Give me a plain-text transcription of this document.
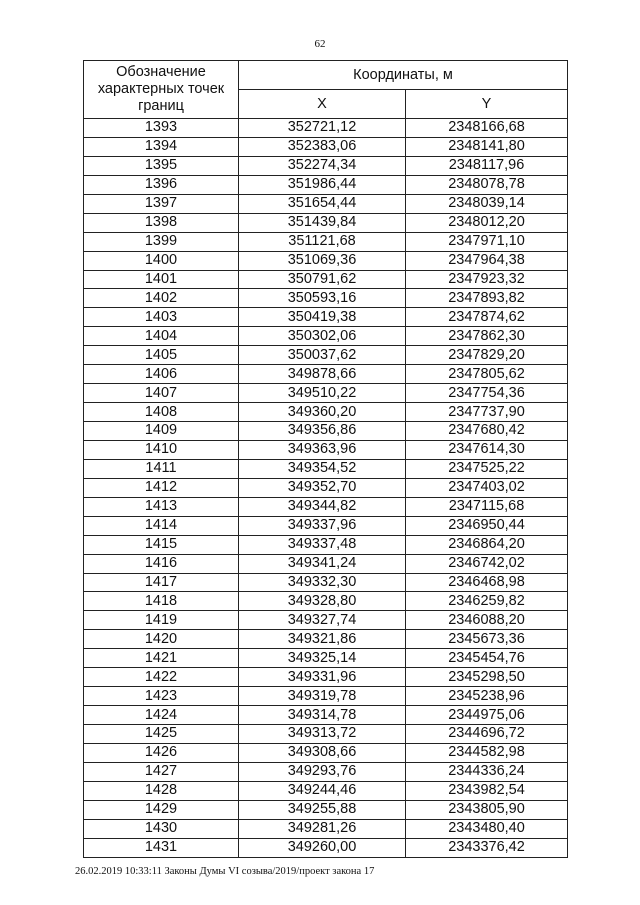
62
Обозначение характерных точек границ	Координаты, м	
	X	Y
1393	352721,12	2348166,68
1394	352383,06	2348141,80
1395	352274,34	2348117,96
1396	351986,44	2348078,78
1397	351654,44	2348039,14
1398	351439,84	2348012,20
1399	351121,68	2347971,10
1400	351069,36	2347964,38
1401	350791,62	2347923,32
1402	350593,16	2347893,82
1403	350419,38	2347874,62
1404	350302,06	2347862,30
1405	350037,62	2347829,20
1406	349878,66	2347805,62
1407	349510,22	2347754,36
1408	349360,20	2347737,90
1409	349356,86	2347680,42
1410	349363,96	2347614,30
1411	349354,52	2347525,22
1412	349352,70	2347403,02
1413	349344,82	2347115,68
1414	349337,96	2346950,44
1415	349337,48	2346864,20
1416	349341,24	2346742,02
1417	349332,30	2346468,98
1418	349328,80	2346259,82
1419	349327,74	2346088,20
1420	349321,86	2345673,36
1421	349325,14	2345454,76
1422	349331,96	2345298,50
1423	349319,78	2345238,96
1424	349314,78	2344975,06
1425	349313,72	2344696,72
1426	349308,66	2344582,98
1427	349293,76	2344336,24
1428	349244,46	2343982,54
1429	349255,88	2343805,90
1430	349281,26	2343480,40
1431	349260,00	2343376,42
26.02.2019 10:33:11 Законы Думы VI созыва/2019/проект закона 17
